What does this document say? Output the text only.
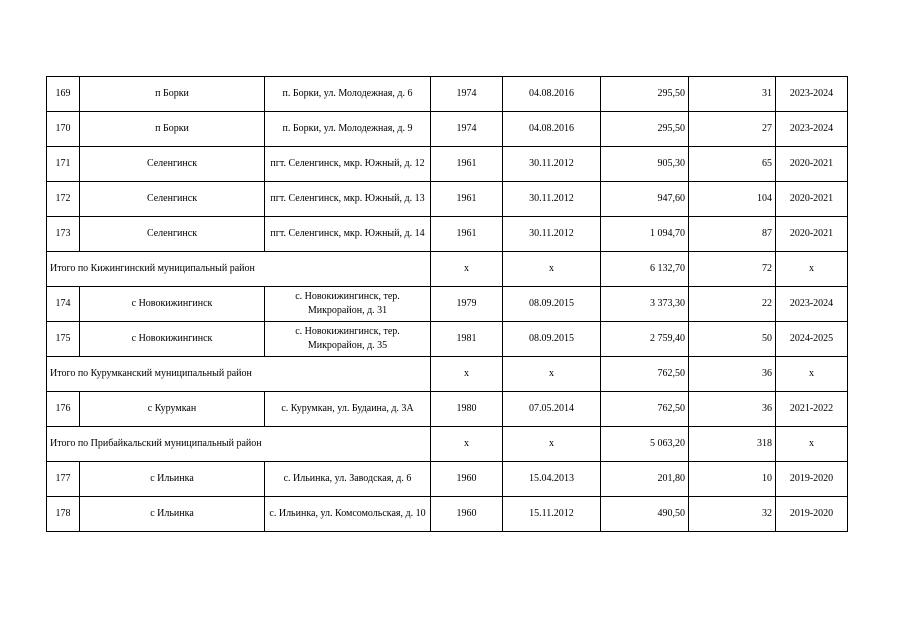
169	п Борки	п. Борки, ул. Молодежная, д. 6	1974	04.08.2016	295,50	31	2023-2024
170	п Борки	п. Борки, ул. Молодежная, д. 9	1974	04.08.2016	295,50	27	2023-2024
171	Селенгинск	пгт. Селенгинск, мкр. Южный, д. 12	1961	30.11.2012	905,30	65	2020-2021
172	Селенгинск	пгт. Селенгинск, мкр. Южный, д. 13	1961	30.11.2012	947,60	104	2020-2021
173	Селенгинск	пгт. Селенгинск, мкр. Южный, д. 14	1961	30.11.2012	1 094,70	87	2020-2021
Итого по Кижингинский муниципальный район			х	х	6 132,70	72	х
174	с Новокижингинск	с. Новокижингинск, тер. Микрорайон, д. 31	1979	08.09.2015	3 373,30	22	2023-2024
175	с Новокижингинск	с. Новокижингинск, тер. Микрорайон, д. 35	1981	08.09.2015	2 759,40	50	2024-2025
Итого по Курумканский муниципальный район			х	х	762,50	36	х
176	с Курумкан	с. Курумкан, ул. Будаина, д. 3А	1980	07.05.2014	762,50	36	2021-2022
Итого по Прибайкальский муниципальный район			х	х	5 063,20	318	х
177	с Ильинка	с. Ильинка, ул. Заводская, д. 6	1960	15.04.2013	201,80	10	2019-2020
178	с Ильинка	с. Ильинка, ул. Комсомольская, д. 10	1960	15.11.2012	490,50	32	2019-2020
